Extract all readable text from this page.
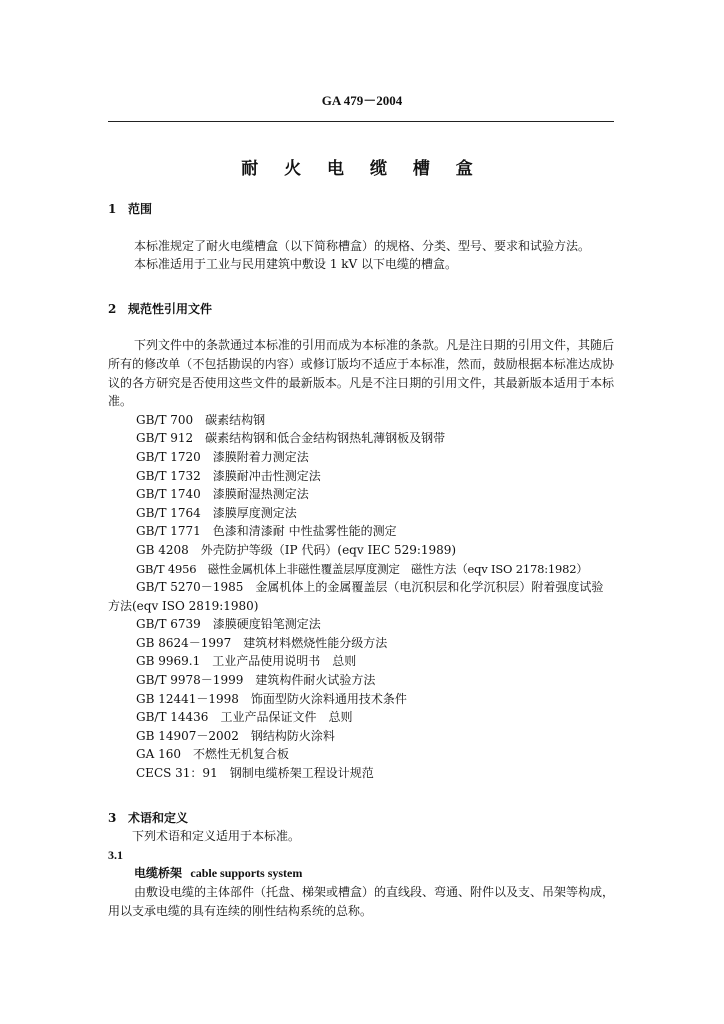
GA 479－2004
耐 火 电 缆 槽 盒
1 范围
本标准规定了耐火电缆槽盒（以下简称槽盒）的规格、分类、型号、要求和试验方法。
本标准适用于工业与民用建筑中敷设 1 kV 以下电缆的槽盒。
2 规范性引用文件
下列文件中的条款通过本标准的引用而成为本标准的条款。凡是注日期的引用文件，其随后所有的修改单（不包括勘误的内容）或修订版均不适应于本标准，然而，鼓励根据本标准达成协议的各方研究是否使用这些文件的最新版本。凡是不注日期的引用文件，其最新版本适用于本标准。
GB/T 700　碳素结构钢
GB/T 912　碳素结构钢和低合金结构钢热轧薄钢板及钢带
GB/T 1720　漆膜附着力测定法
GB/T 1732　漆膜耐冲击性测定法
GB/T 1740　漆膜耐湿热测定法
GB/T 1764　漆膜厚度测定法
GB/T 1771　色漆和清漆耐 中性盐雾性能的测定
GB 4208　外壳防护等级（IP 代码）(eqv IEC 529:1989)
GB/T 4956　磁性金属机体上非磁性覆盖层厚度测定　磁性方法（eqv ISO 2178:1982）
GB/T 5270－1985　金属机体上的金属覆盖层（电沉积层和化学沉积层）附着强度试验方法(eqv ISO 2819:1980)
GB/T 6739　漆膜硬度铅笔测定法
GB 8624－1997　建筑材料燃烧性能分级方法
GB 9969.1　工业产品使用说明书　总则
GB/T 9978－1999　建筑构件耐火试验方法
GB 12441－1998　饰面型防火涂料通用技术条件
GB/T 14436　工业产品保证文件　总则
GB 14907－2002　钢结构防火涂料
GA 160　不燃性无机复合板
CECS 31：91　钢制电缆桥架工程设计规范
3 术语和定义
下列术语和定义适用于本标准。
3.1
电缆桥架 cable supports system
由敷设电缆的主体部件（托盘、梯架或槽盒）的直线段、弯通、附件以及支、吊架等构成，用以支承电缆的具有连续的刚性结构系统的总称。
